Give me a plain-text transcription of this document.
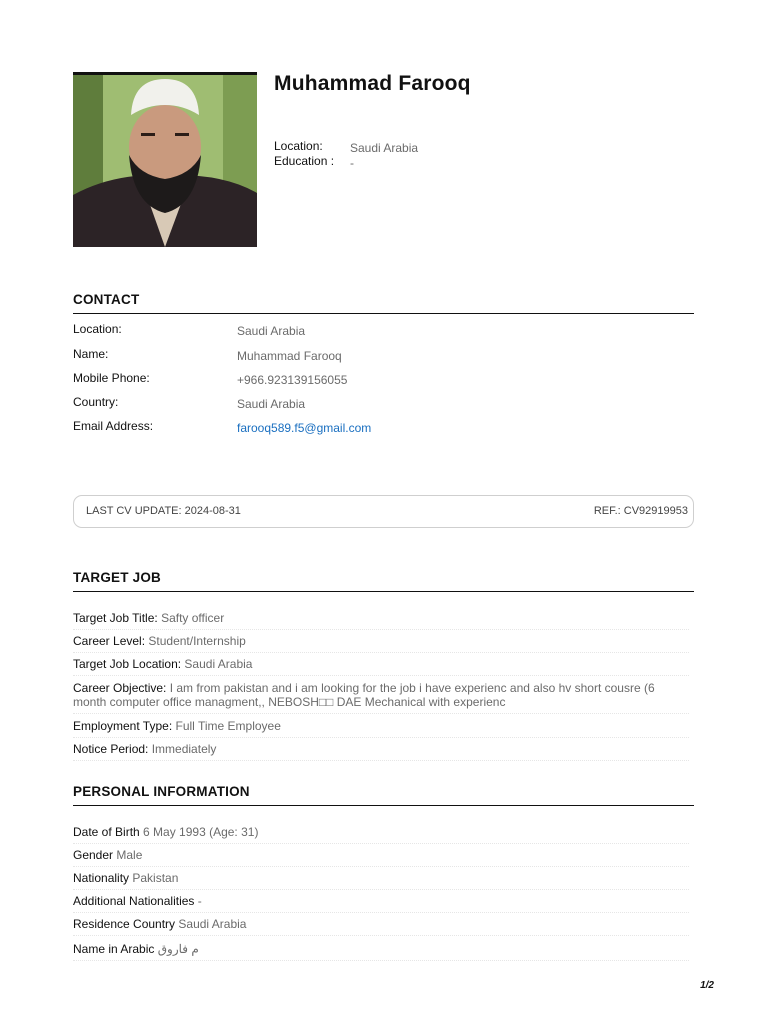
Muhammad Farooq
Location: Saudi Arabia
Education : -
CONTACT
Location:	Saudi Arabia
Name:	Muhammad Farooq
Mobile Phone:	+966.923139156055
Country:	Saudi Arabia
Email Address:	farooq589.f5@gmail.com
LAST CV UPDATE: 2024-08-31	REF.: CV92919953
TARGET JOB
Target Job Title: Safty officer
Career Level: Student/Internship
Target Job Location: Saudi Arabia
Career Objective: I am from pakistan and i am looking for the job i have experienc and also hv short cousre (6 month computer office managment,, NEBOSH□□ DAE Mechanical with experienc
Employment Type: Full Time Employee
Notice Period: Immediately
PERSONAL INFORMATION
Date of Birth 6 May 1993 (Age: 31)
Gender Male
Nationality Pakistan
Additional Nationalities -
Residence Country Saudi Arabia
Name in Arabic م فاروق
1/2
